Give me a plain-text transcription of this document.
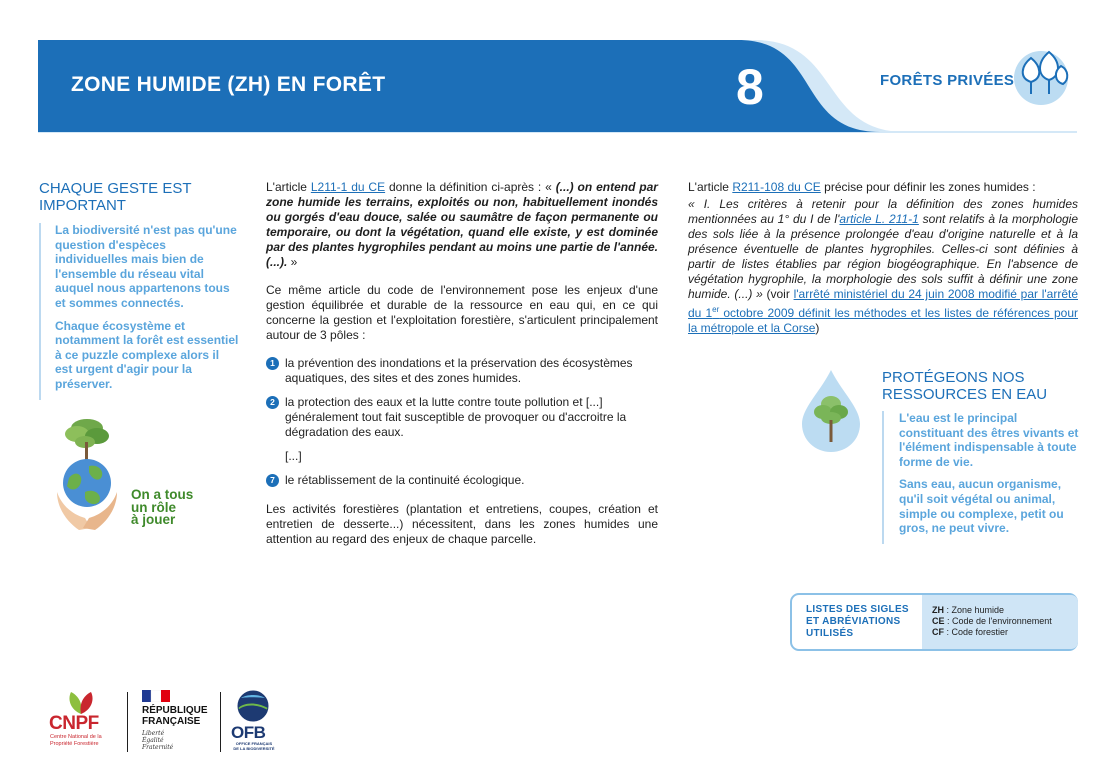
ZONE HUMIDE (ZH) EN FORÊT	8	FORÊTS PRIVÉES
CHAQUE GESTE EST IMPORTANT

La biodiversité n'est pas qu'une question d'espèces individuelles mais bien de l'ensemble du réseau vital auquel nous appartenons tous et sommes connectés.

Chaque écosystème et notamment la forêt est essentiel à ce puzzle complexe alors il est urgent d'agir pour la préserver.

On a tous
un rôle
à jouer

L'article L211-1 du CE donne la définition ci-après : « (...) on entend par zone humide les terrains, exploités ou non, habituellement inondés ou gorgés d'eau douce, salée ou saumâtre de façon permanente ou temporaire, ou dont la végétation, quand elle existe, y est dominée par des plantes hygrophiles pendant au moins une partie de l'année. (...). »

Ce même article du code de l'environnement pose les enjeux d'une gestion équilibrée et durable de la ressource en eau qui, en ce qui concerne la gestion et l'exploitation forestière, s'articulent principalement autour de 3 pôles :

1 la prévention des inondations et la préservation des écosystèmes aquatiques, des sites et des zones humides.
2 la protection des eaux et la lutte contre toute pollution et [...] généralement tout fait susceptible de provoquer ou d'accroitre la dégradation des eaux.
[...]
7 le rétablissement de la continuité écologique.

Les activités forestières (plantation et entretiens, coupes, création et entretien de desserte...) nécessitent, dans les zones humides une attention au regard des enjeux de chaque parcelle.

L'article R211-108 du CE précise pour définir les zones humides :

« I. Les critères à retenir pour la définition des zones humides mentionnées au 1° du I de l'article L. 211-1 sont relatifs à la morphologie des sols liée à la présence prolongée d'eau d'origine naturelle et à la présence éventuelle de plantes hygrophiles. Celles-ci sont définies à partir de listes établies par région biogéographique. En l'absence de végétation hygrophile, la morphologie des sols suffit à définir une zone humide. (...) » (voir l'arrêté ministériel du 24 juin 2008 modifié par l'arrêté du 1er octobre 2009 définit les méthodes et les listes de références pour la métropole et la Corse)

PROTÉGEONS NOS RESSOURCES EN EAU

L'eau est le principal constituant des êtres vivants et l'élément indispensable à toute forme de vie.

Sans eau, aucun organisme, qu'il soit végétal ou animal, simple ou complexe, petit ou gros, ne peut vivre.

LISTES DES SIGLES ET ABRÉVIATIONS UTILISÉS
ZH : Zone humide
CE : Code de l'environnement
CF : Code forestier
CNPF
Centre National de la Propriété Forestière
RÉPUBLIQUE
FRANÇAISE
Liberté
Égalité
Fraternité
OFB
OFFICE FRANÇAIS DE LA BIODIVERSITÉ
